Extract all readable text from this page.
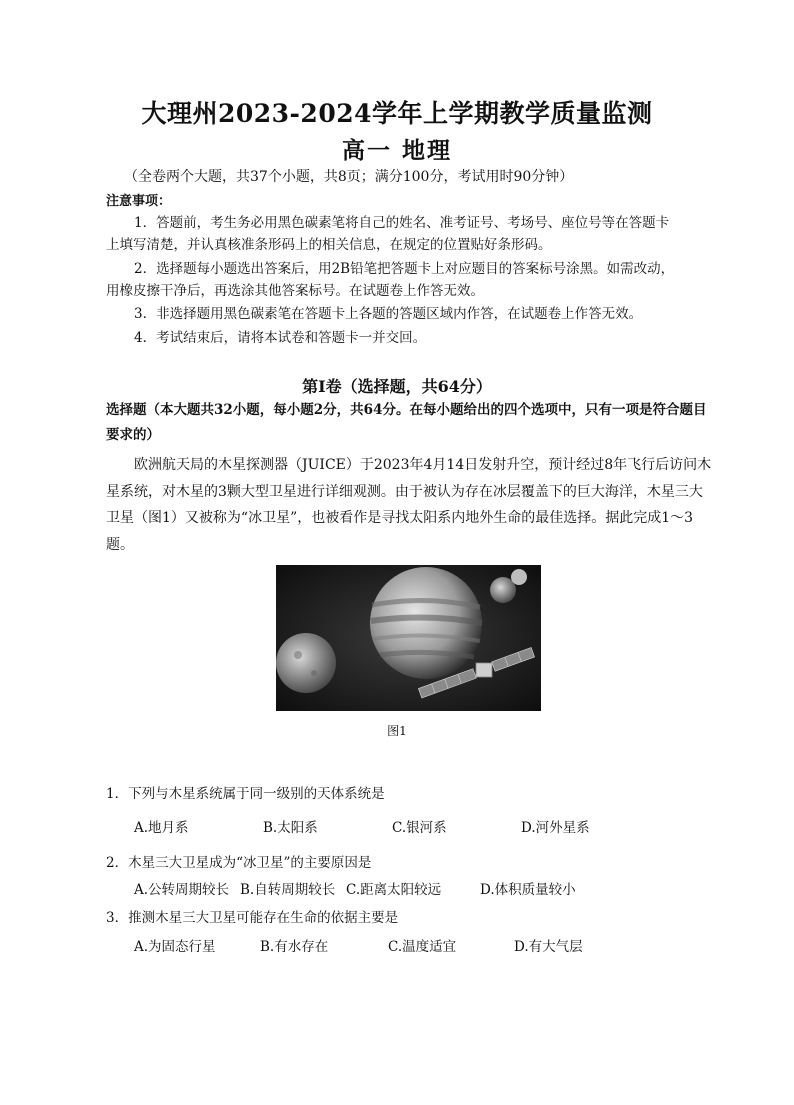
大理州2023-2024学年上学期教学质量监测
高一 地理
（全卷两个大题，共37个小题，共8页；满分100分，考试用时90分钟）
注意事项：
1．答题前，考生务必用黑色碳素笔将自己的姓名、准考证号、考场号、座位号等在答题卡
上填写清楚，并认真核准条形码上的相关信息，在规定的位置贴好条形码。
2．选择题每小题选出答案后，用2B铅笔把答题卡上对应题目的答案标号涂黑。如需改动，
用橡皮擦干净后，再选涂其他答案标号。在试题卷上作答无效。
3．非选择题用黑色碳素笔在答题卡上各题的答题区域内作答，在试题卷上作答无效。
4．考试结束后，请将本试卷和答题卡一并交回。
第Ⅰ卷（选择题，共64分）
选择题（本大题共32小题，每小题2分，共64分。在每小题给出的四个选项中，只有一项是符合题目要求的）
欧洲航天局的木星探测器（JUICE）于2023年4月14日发射升空，预计经过8年飞行后访问木星系统，对木星的3颗大型卫星进行详细观测。由于被认为存在冰层覆盖下的巨大海洋，木星三大卫星（图1）又被称为“冰卫星”，也被看作是寻找太阳系内地外生命的最佳选择。据此完成1～3题。
图1
1．下列与木星系统属于同一级别的天体系统是
A.地月系	B.太阳系	C.银河系	D.河外星系
2．木星三大卫星成为“冰卫星”的主要原因是
A.公转周期较长 B.自转周期较长 C.距离太阳较远	D.体积质量较小
3．推测木星三大卫星可能存在生命的依据主要是
A.为固态行星	B.有水存在	C.温度适宜	D.有大气层
